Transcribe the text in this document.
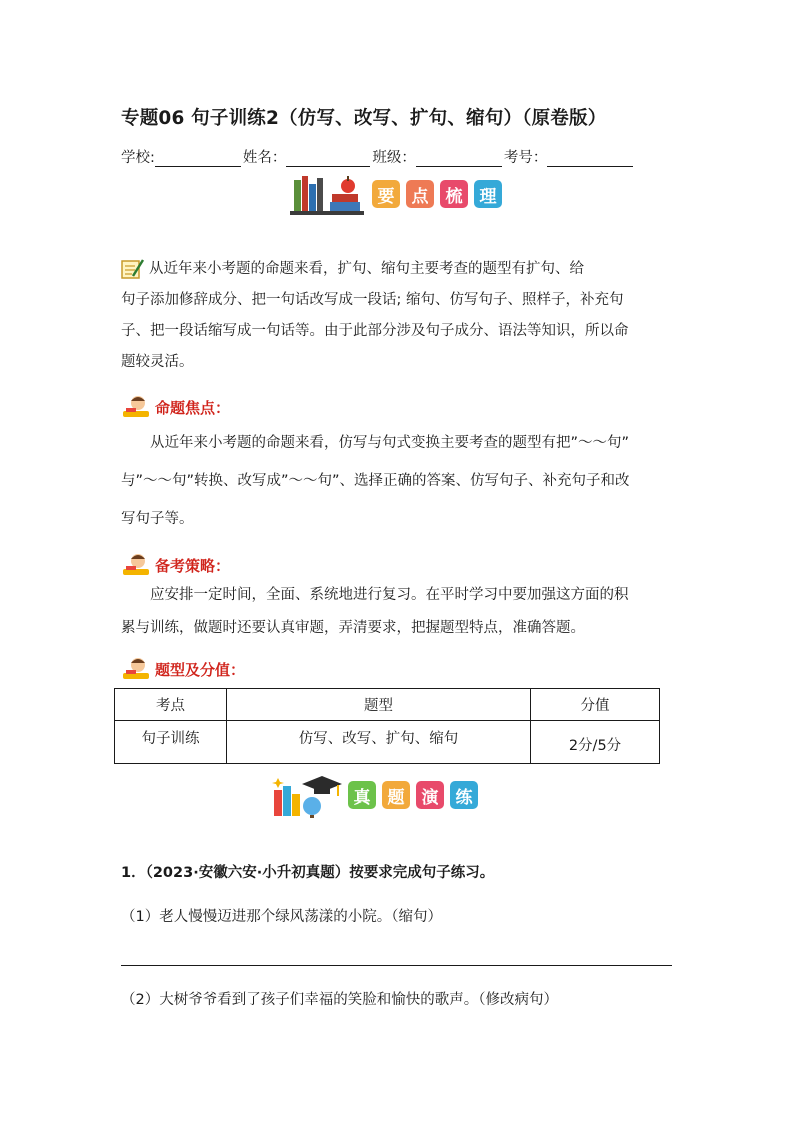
专题06 句子训练2（仿写、改写、扩句、缩句）（原卷版）
学校:	姓名：	班级：	考号：
要	点	梳	理

从近年来小考题的命题来看，扩句、缩句主要考查的题型有扩句、给

句子添加修辞成分、把一句话改写成一段话; 缩句、仿写句子、照样子，补充句

子、把一段话缩写成一句话等。由于此部分涉及句子成分、语法等知识，所以命

题较灵活。

命题焦点：

从近年来小考题的命题来看，仿写与句式变换主要考查的题型有把”～～句”

与”～～句”转换、改写成”～～句”、选择正确的答案、仿写句子、补充句子和改

写句子等。

备考策略：

应安排一定时间，全面、系统地进行复习。在平时学习中要加强这方面的积

累与训练，做题时还要认真审题，弄清要求，把握题型特点，准确答题。

题型及分值：
考点	题型	分值
句子训练	仿写、改写、扩句、缩句	2分/5分
真	题	演	练
1．（2023·安徽六安·小升初真题）按要求完成句子练习。
（1）老人慢慢迈进那个绿风荡漾的小院。（缩句）
（2）大树爷爷看到了孩子们幸福的笑脸和愉快的歌声。（修改病句）
